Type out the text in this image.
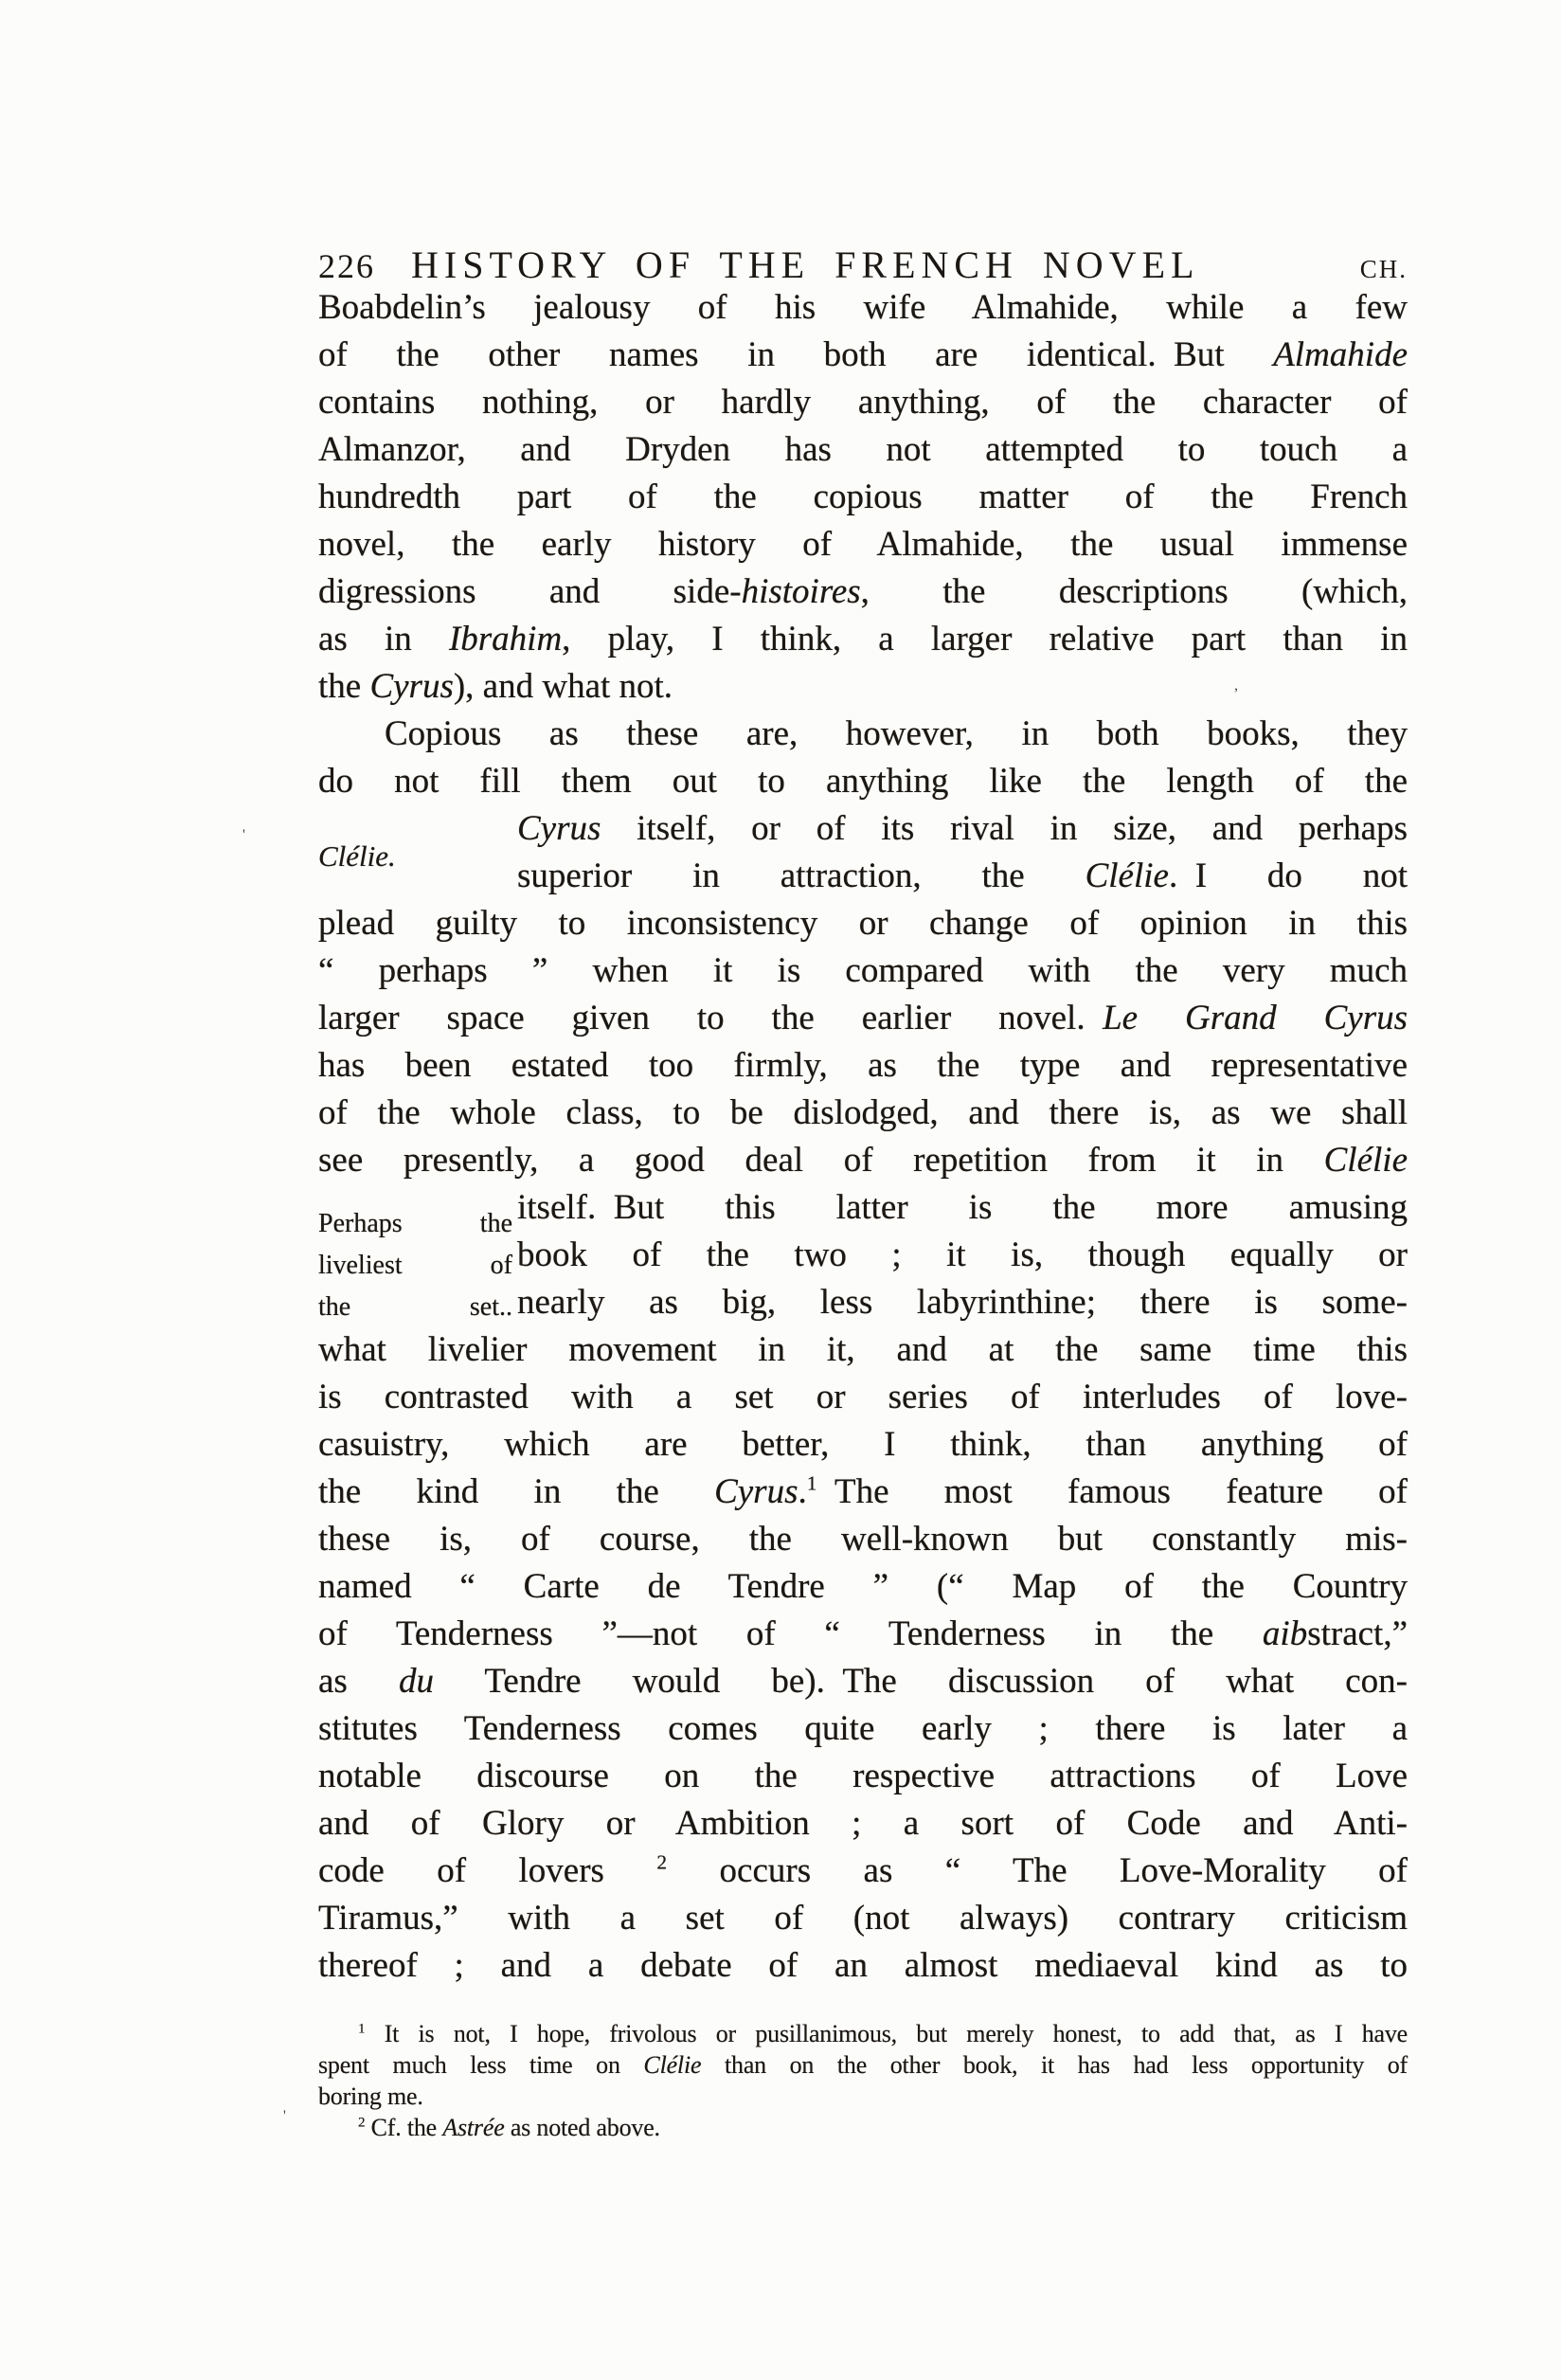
226 HISTORY OF THE FRENCH NOVEL	CH.
Boabdelin’s jealousy of his wife Almahide, while a few
of the other names in both are identical. But Almahide
contains nothing, or hardly anything, of the character of
Almanzor, and Dryden has not attempted to touch a
hundredth part of the copious matter of the French
novel, the early history of Almahide, the usual immense
digressions and side-histoires, the descriptions (which,
as in Ibrahim, play, I think, a larger relative part than in
the Cyrus), and what not.
Copious as these are, however, in both books, they
do not fill them out to anything like the length of the
Cyrus itself, or of its rival in size, and perhaps
Clélie.
superior in attraction, the Clélie. I do not
plead guilty to inconsistency or change of opinion in this
“ perhaps ” when it is compared with the very much
larger space given to the earlier novel. Le Grand Cyrus
has been estated too firmly, as the type and representative
of the whole class, to be dislodged, and there is, as we shall
see presently, a good deal of repetition from it in Clélie
itself. But this latter is the more amusing
Perhaps the
liveliest of
the set..
book of the two ; it is, though equally or
nearly as big, less labyrinthine; there is some-
what livelier movement in it, and at the same time this
is contrasted with a set or series of interludes of love-
casuistry, which are better, I think, than anything of
the kind in the Cyrus.$^1$ The most famous feature of
these is, of course, the well-known but constantly mis-
named “ Carte de Tendre ” (“ Map of the Country
of Tenderness ”—not of “ Tenderness in the aibstract,”
as du Tendre would be). The discussion of what con-
stitutes Tenderness comes quite early ; there is later a
notable discourse on the respective attractions of Love
and of Glory or Ambition ; a sort of Code and Anti-
code of lovers $^2$ occurs as “ The Love-Morality of
Tiramus,” with a set of (not always) contrary criticism
thereof ; and a debate of an almost mediaeval kind as to
$^1$ It is not, I hope, frivolous or pusillanimous, but merely honest, to add that, as I have
spent much less time on Clélie than on the other book, it has had less opportunity of
boring me.
$^2$ Cf. the Astrée as noted above.
,
'
'
